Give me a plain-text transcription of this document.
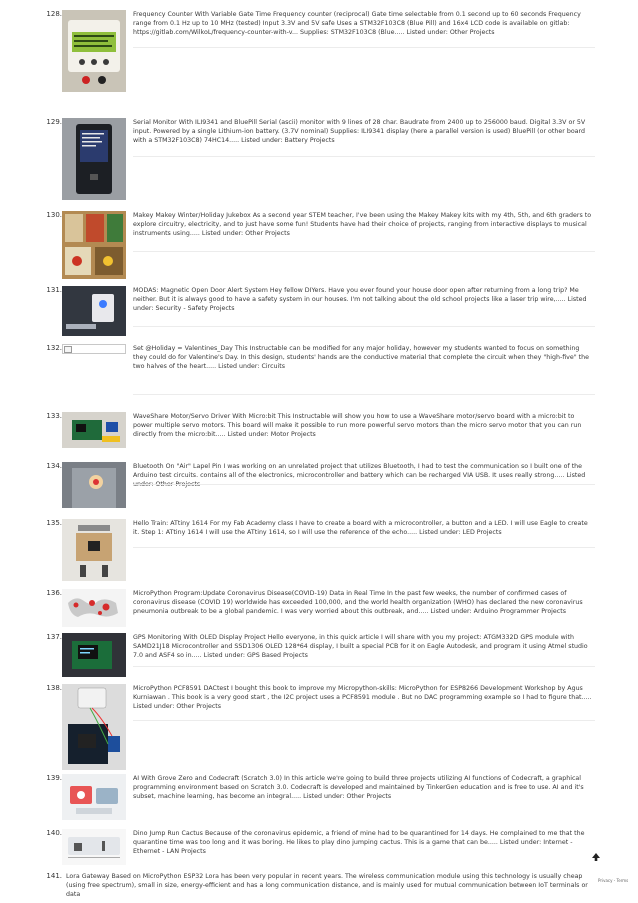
128.	Frequency Counter With Variable Gate Time Frequency counter (reciprocal) Gate time selectable from 0.1 second up to 60 seconds Frequency range from 0.1 Hz up to 10 MHz (tested) Input 3.3V and 5V safe Uses a STM32F103C8 (Blue Pill) and 16x4 LCD code is available on gitlab: https://gitlab.com/WilkoL/frequency-counter-with-v... Supplies: STM32F103C8 (Blue..... Listed under: Other Projects
129.	Serial Monitor With ILI9341 and BluePill Serial (ascii) monitor with 9 lines of 28 char. Baudrate from 2400 up to 256000 baud. Digital 3.3V or 5V input. Powered by a single Lithium-ion battery. (3.7V nominal) Supplies: ILI9341 display (here a parallel version is used) BluePill (or other board with a STM32F103C8) 74HC14..... Listed under: Battery Projects
130.	Makey Makey Winter/Holiday Jukebox As a second year STEM teacher, I've been using the Makey Makey kits with my 4th, 5th, and 6th graders to explore circuitry, electricity, and to just have some fun! Students have had their choice of projects, ranging from interactive displays to musical instruments using..... Listed under: Other Projects
131.	MODAS: Magnetic Open Door Alert System Hey fellow DIYers. Have you ever found your house door open after returning from a long trip? Me neither. But it is always good to have a safety system in our houses. I'm not talking about the old school projects like a laser trip wire,..... Listed under: Security - Safety Projects
132.	Set @Holiday = Valentines_Day This Instructable can be modified for any major holiday, however my students wanted to focus on something they could do for Valentine's Day. In this design, students' hands are the conductive material that complete the circuit when they "high-five" the two halves of the heart..... Listed under: Circuits
133.	WaveShare Motor/Servo Driver With Micro:bit This Instructable will show you how to use a WaveShare motor/servo board with a micro:bit to power multiple servo motors. This board will make it possible to run more powerful servo motors than the micro servo motor that you can run directly from the micro:bit..... Listed under: Motor Projects
134.	Bluetooth On "Air" Lapel Pin I was working on an unrelated project that utilizes Bluetooth, I had to test the communication so I built one of the Arduino test circuits. contains all of the electronics, microcontroller and battery which can be recharged VIA USB. It uses really strong..... Listed under: Other Projects
135.	Hello Train: ATtiny 1614 For my Fab Academy class I have to create a board with a microcontroller, a button and a LED. I will use Eagle to create it. Step 1: ATtiny 1614 I will use the ATtiny 1614, so I will use the reference of the echo..... Listed under: LED Projects
136.	MicroPython Program:Update Coronavirus Disease(COVID-19) Data in Real Time In the past few weeks, the number of confirmed cases of coronavirus disease (COVID 19) worldwide has exceeded 100,000, and the world health organization (WHO) has declared the new coronavirus pneumonia outbreak to be a global pandemic. I was very worried about this outbreak, and..... Listed under: Arduino Programmer Projects
137.	GPS Monitoring With OLED Display Project Hello everyone, in this quick article I will share with you my project: ATGM332D GPS module with SAMD21J18 Microcontroller and SSD1306 OLED 128*64 display, I built a special PCB for it on Eagle Autodesk, and program it using Atmel studio 7.0 and ASF4 so in..... Listed under: GPS Based Projects
138.	MicroPython PCF8591 DACtest I bought this book to improve my Micropython-skills: MicroPython for ESP8266 Development Workshop by Agus Kurniawan . This book is a very good start , the I2C project uses a PCF8591 module . But no DAC programming example so I had to figure that..... Listed under: Other Projects
139.	AI With Grove Zero and Codecraft (Scratch 3.0) In this article we're going to build three projects utilizing AI functions of Codecraft, a graphical programming environment based on Scratch 3.0. Codecraft is developed and maintained by TinkerGen education and is free to use. AI and it's subset, machine learning, has become an integral..... Listed under: Other Projects
140.	Dino Jump Run Cactus Because of the coronavirus epidemic, a friend of mine had to be quarantined for 14 days. He complained to me that the quarantine time was too long and it was boring. He likes to play dino jumping cactus. This is a game that can be..... Listed under: Internet - Ethernet - LAN Projects
141. Lora Gateway Based on MicroPython ESP32 Lora has been very popular in recent years. The wireless communication module using this technology is usually cheap (using free spectrum), small in size, energy-efficient and has a long communication distance, and is mainly used for mutual communication between IoT terminals or data
Privacy - Terms
